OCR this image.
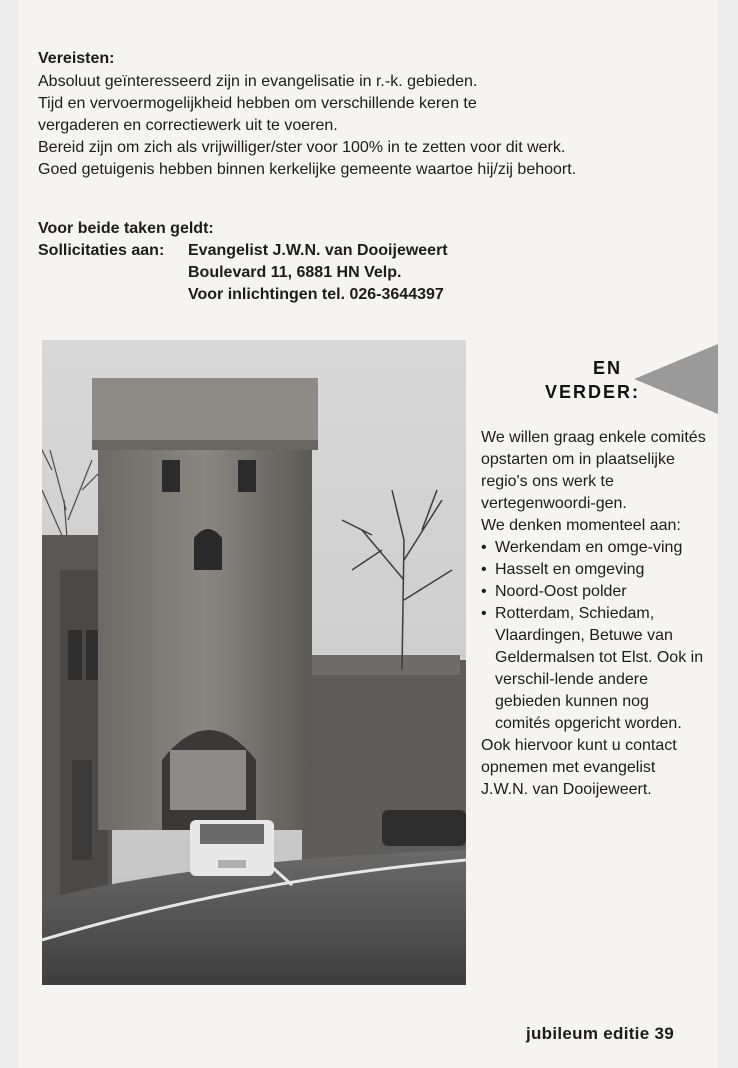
Vereisten:
Absoluut geïnteresseerd zijn in evangelisatie in r.-k. gebieden.
Tijd en vervoermogelijkheid hebben om verschillende keren te
vergaderen en correctiewerk uit te voeren.
Bereid zijn om zich als vrijwilliger/ster voor 100% in te zetten voor dit werk.
Goed getuigenis hebben binnen kerkelijke gemeente waartoe hij/zij behoort.
Voor beide taken geldt:
Sollicitaties aan:	Evangelist J.W.N. van Dooijeweert
Boulevard 11, 6881 HN Velp.
Voor inlichtingen tel. 026-3644397
EN
VERDER:

We willen graag enkele comités opstarten om in plaatselijke regio's ons werk te vertegenwoordi-gen.

We denken momenteel aan:

• Werkendam en omge-ving
• Hasselt en omgeving
• Noord-Oost polder
• Rotterdam, Schiedam, Vlaardingen, Betuwe van Geldermalsen tot Elst. Ook in verschil-lende andere gebieden kunnen nog comités opgericht worden.

Ook hiervoor kunt u contact opnemen met evangelist J.W.N. van Dooijeweert.

jubileum editie 39
